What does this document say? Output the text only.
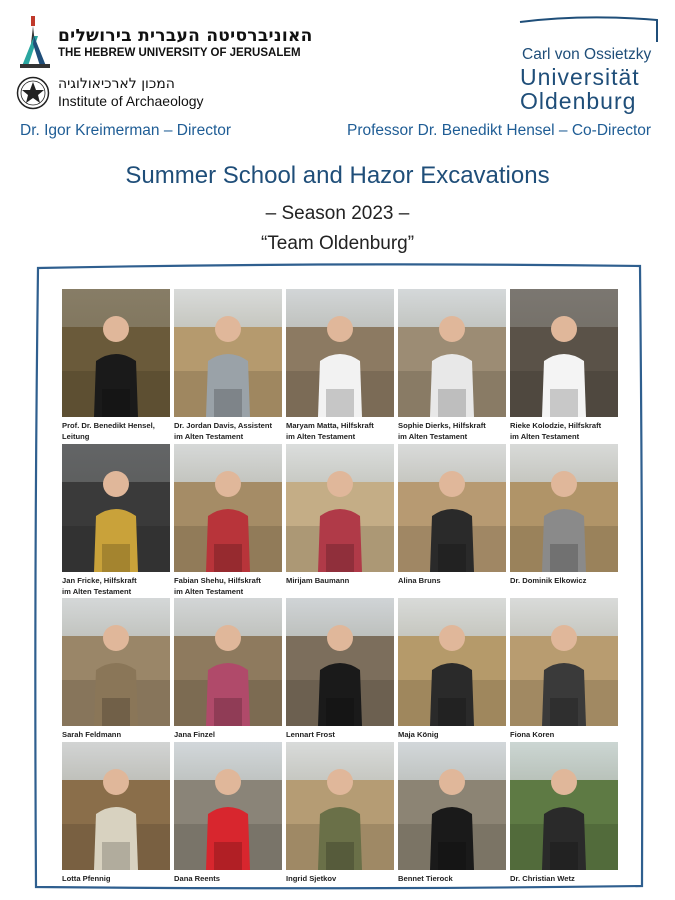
האוניברסיטה העברית בירושלים
THE HEBREW UNIVERSITY OF JERUSALEM
המכון לארכיאולוגיה
Institute of Archaeology
Carl von Ossietzky
Universität
Oldenburg
Dr. Igor Kreimerman – Director	Professor Dr. Benedikt Hensel – Co-Director
Summer School and Hazor Excavations
– Season 2023 –
“Team Oldenburg”
Prof. Dr. Benedikt Hensel,
Leitung
Dr. Jordan Davis, Assistent
im Alten Testament
Maryam Matta, Hilfskraft
im Alten Testament
Sophie Dierks, Hilfskraft
im Alten Testament
Rieke Kolodzie, Hilfskraft
im Alten Testament
Jan Fricke, Hilfskraft
im Alten Testament
Fabian Shehu, Hilfskraft
im Alten Testament
Mirijam Baumann	Alina Bruns	Dr. Dominik Elkowicz
Sarah Feldmann	Jana Finzel	Lennart Frost	Maja König	Fiona Koren
Lotta Pfennig	Dana Reents	Ingrid Sjetkov	Bennet Tierock	Dr. Christian Wetz
